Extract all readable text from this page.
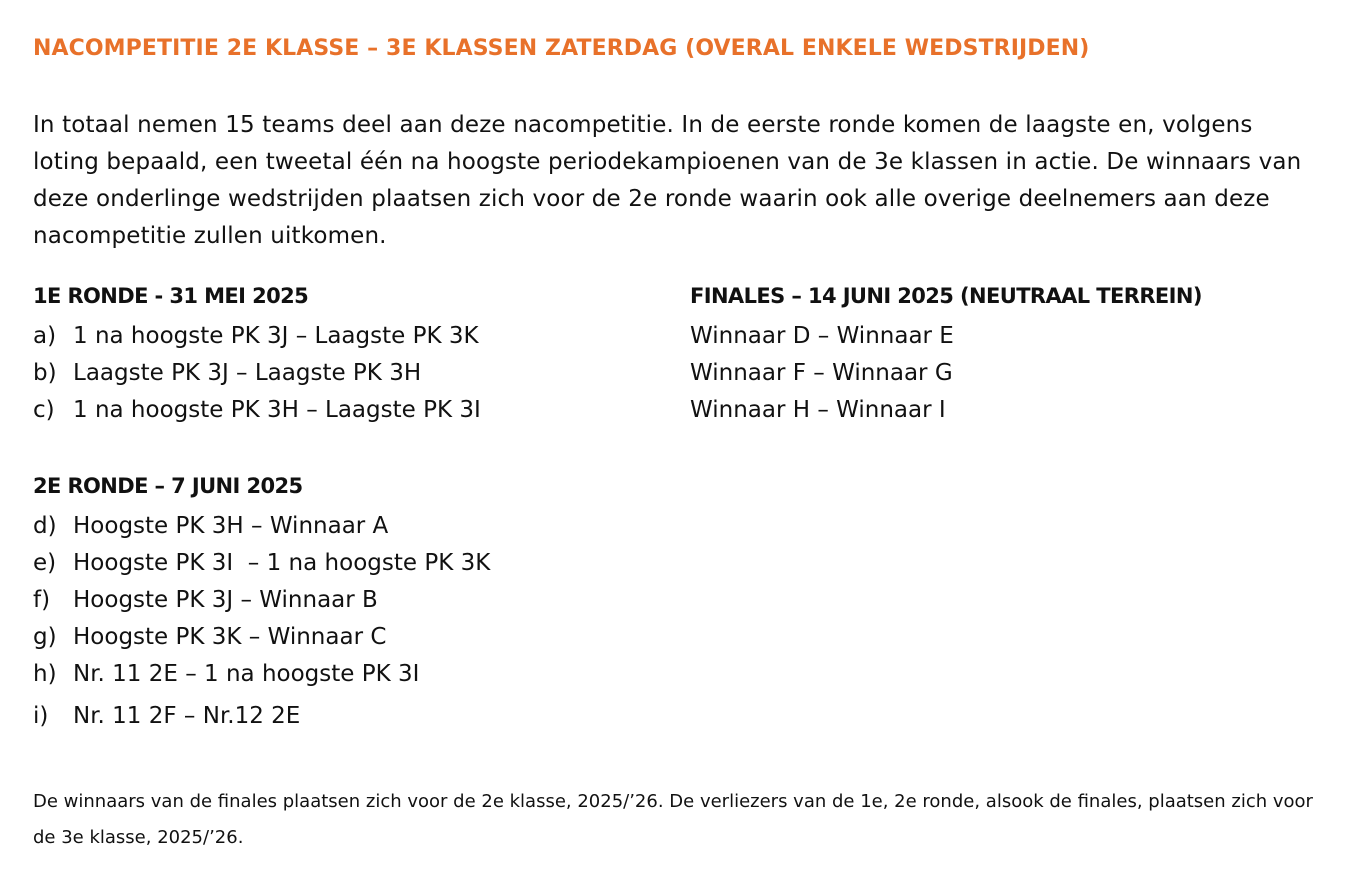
NACOMPETITIE 2E KLASSE – 3E KLASSEN ZATERDAG (OVERAL ENKELE WEDSTRIJDEN)

In totaal nemen 15 teams deel aan deze nacompetitie. In de eerste ronde komen de laagste en, volgens loting bepaald, een tweetal één na hoogste periodekampioenen van de 3e klassen in actie. De winnaars van deze onderlinge wedstrijden plaatsen zich voor de 2e ronde waarin ook alle overige deelnemers aan deze nacompetitie zullen uitkomen.

1E RONDE - 31 MEI 2025
a) 1 na hoogste PK 3J – Laagste PK 3K
b) Laagste PK 3J – Laagste PK 3H
c) 1 na hoogste PK 3H – Laagste PK 3I
FINALES – 14 JUNI 2025 (NEUTRAAL TERREIN)
Winnaar D – Winnaar E
Winnaar F – Winnaar G
Winnaar H – Winnaar I
2E RONDE – 7 JUNI 2025
d) Hoogste PK 3H – Winnaar A
e) Hoogste PK 3I  – 1 na hoogste PK 3K
f) Hoogste PK 3J – Winnaar B
g) Hoogste PK 3K – Winnaar C
h) Nr. 11 2E – 1 na hoogste PK 3I
i)	Nr. 11 2F – Nr.12 2E

De winnaars van de finales plaatsen zich voor de 2e klasse, 2025/’26. De verliezers van de 1e, 2e ronde, alsook de finales, plaatsen zich voor de 3e klasse, 2025/’26.
